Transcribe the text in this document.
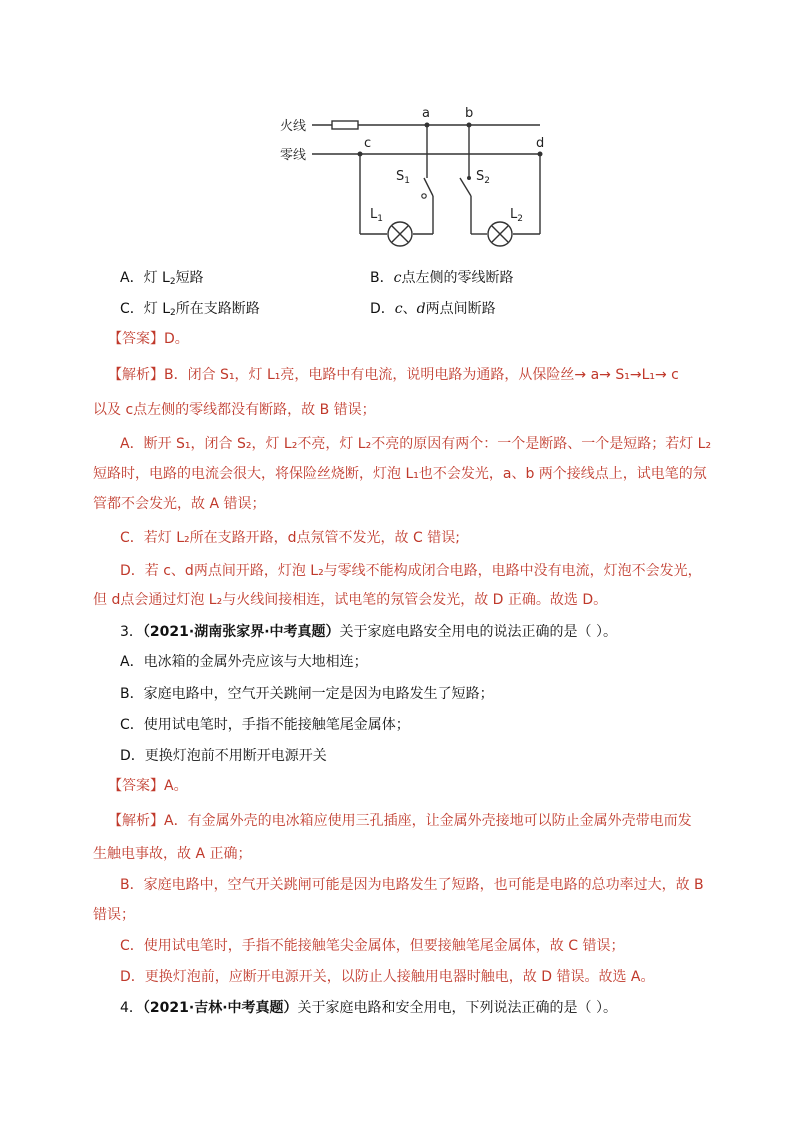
火线
零线
a	b
c	d
$S_1$	$S_2$
$L_1$	$L_2$
A．灯 $L_2$短路	B．c点左侧的零线断路
C．灯 $L_2$所在支路断路	D．c、d两点间断路
【答案】D。
【解析】B．闭合 S₁，灯 L₁亮，电路中有电流，说明电路为通路，从保险丝→ a→ S₁→L₁→ c
以及 c点左侧的零线都没有断路，故 B 错误；
A．断开 S₁，闭合 S₂，灯 L₂不亮，灯 L₂不亮的原因有两个：一个是断路、一个是短路；若灯 L₂
短路时，电路的电流会很大，将保险丝烧断，灯泡 L₁也不会发光，a、b 两个接线点上，试电笔的氖
管都不会发光，故 A 错误；
C．若灯 L₂所在支路开路，d点氖管不发光，故 C 错误;
D．若 c、d两点间开路，灯泡 L₂与零线不能构成闭合电路，电路中没有电流，灯泡不会发光，
但 d点会通过灯泡 L₂与火线间接相连，试电笔的氖管会发光，故 D 正确。故选 D。
3．（2021·湖南张家界·中考真题）关于家庭电路安全用电的说法正确的是（ ）。
A．电冰箱的金属外壳应该与大地相连；
B．家庭电路中，空气开关跳闸一定是因为电路发生了短路；
C．使用试电笔时，手指不能接触笔尾金属体；
D．更换灯泡前不用断开电源开关
【答案】A。
【解析】A．有金属外壳的电冰箱应使用三孔插座，让金属外壳接地可以防止金属外壳带电而发
生触电事故，故 A 正确；
B．家庭电路中，空气开关跳闸可能是因为电路发生了短路，也可能是电路的总功率过大，故 B
错误；
C．使用试电笔时，手指不能接触笔尖金属体，但要接触笔尾金属体，故 C 错误；
D．更换灯泡前，应断开电源开关，以防止人接触用电器时触电，故 D 错误。故选 A。
4．（2021·吉林·中考真题）关于家庭电路和安全用电，下列说法正确的是（ ）。
